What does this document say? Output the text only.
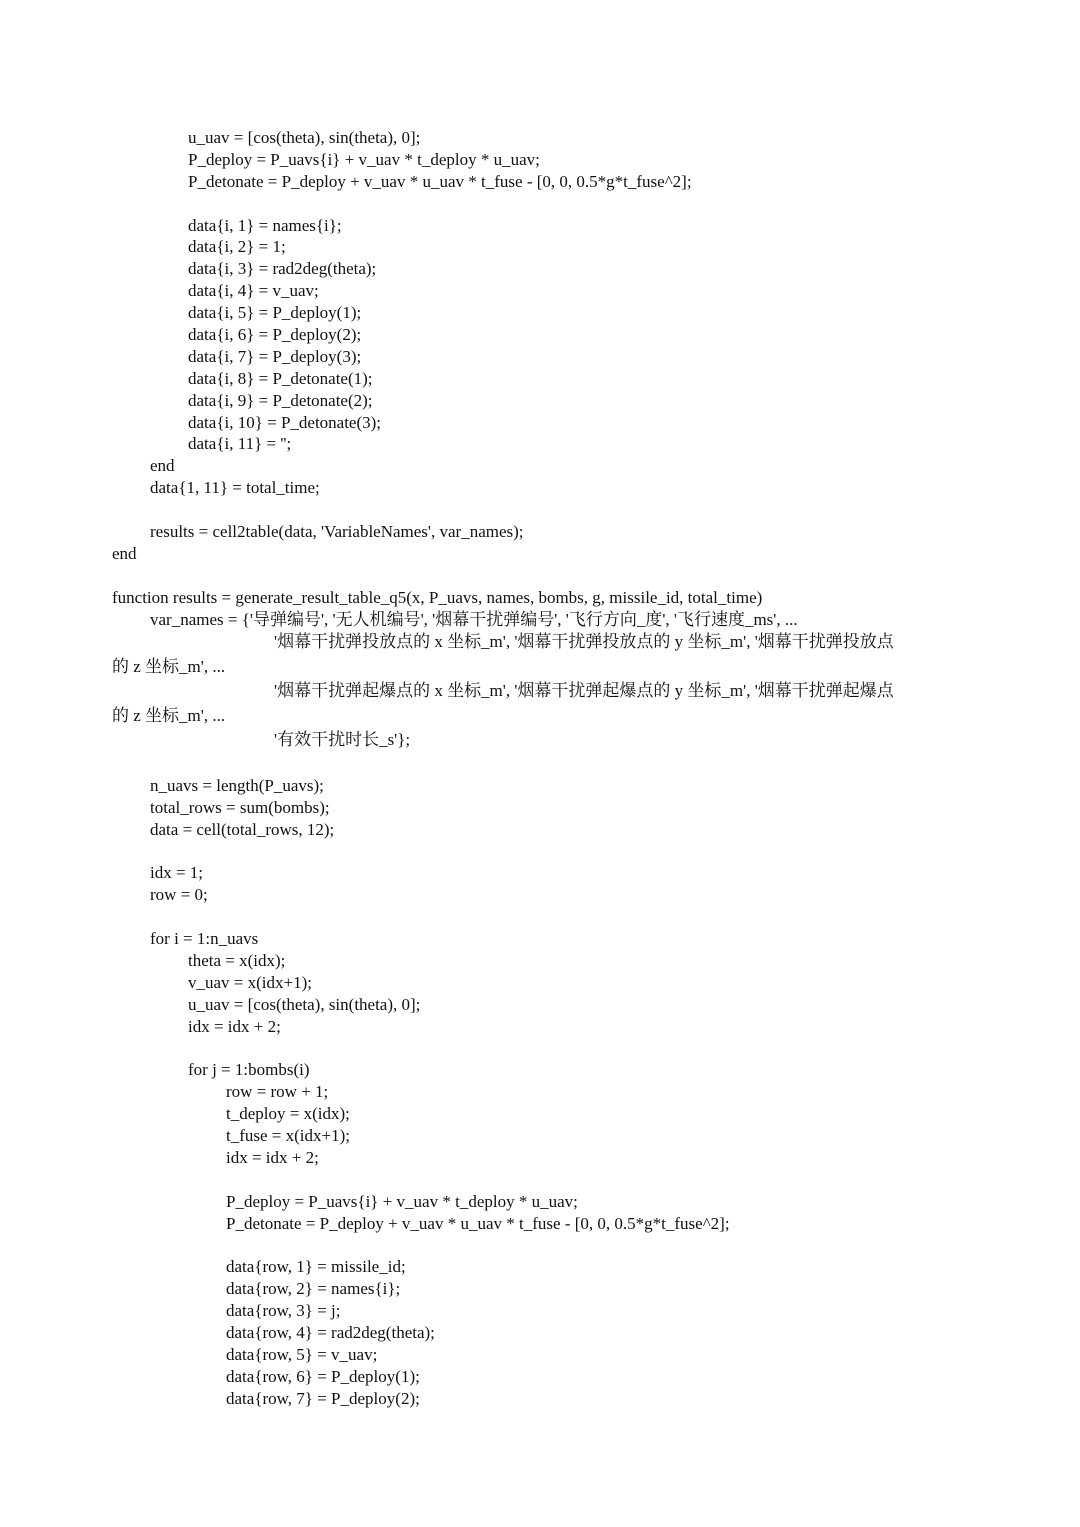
u_uav = [cos(theta), sin(theta), 0];
P_deploy = P_uavs{i} + v_uav * t_deploy * u_uav;
P_detonate = P_deploy + v_uav * u_uav * t_fuse - [0, 0, 0.5*g*t_fuse^2];
data{i, 1} = names{i};
data{i, 2} = 1;
data{i, 3} = rad2deg(theta);
data{i, 4} = v_uav;
data{i, 5} = P_deploy(1);
data{i, 6} = P_deploy(2);
data{i, 7} = P_deploy(3);
data{i, 8} = P_detonate(1);
data{i, 9} = P_detonate(2);
data{i, 10} = P_detonate(3);
data{i, 11} = '';
end
data{1, 11} = total_time;
results = cell2table(data, 'VariableNames', var_names);
end
function results = generate_result_table_q5(x, P_uavs, names, bombs, g, missile_id, total_time)
var_names = {'导弹编号', '无人机编号', '烟幕干扰弹编号', '飞行方向_度', '飞行速度_ms', ...
'烟幕干扰弹投放点的 x 坐标_m', '烟幕干扰弹投放点的 y 坐标_m', '烟幕干扰弹投放点
的 z 坐标_m', ...
'烟幕干扰弹起爆点的 x 坐标_m', '烟幕干扰弹起爆点的 y 坐标_m', '烟幕干扰弹起爆点
的 z 坐标_m', ...
'有效干扰时长_s'};
n_uavs = length(P_uavs);
total_rows = sum(bombs);
data = cell(total_rows, 12);
idx = 1;
row = 0;
for i = 1:n_uavs
theta = x(idx);
v_uav = x(idx+1);
u_uav = [cos(theta), sin(theta), 0];
idx = idx + 2;
for j = 1:bombs(i)
row = row + 1;
t_deploy = x(idx);
t_fuse = x(idx+1);
idx = idx + 2;
P_deploy = P_uavs{i} + v_uav * t_deploy * u_uav;
P_detonate = P_deploy + v_uav * u_uav * t_fuse - [0, 0, 0.5*g*t_fuse^2];
data{row, 1} = missile_id;
data{row, 2} = names{i};
data{row, 3} = j;
data{row, 4} = rad2deg(theta);
data{row, 5} = v_uav;
data{row, 6} = P_deploy(1);
data{row, 7} = P_deploy(2);
